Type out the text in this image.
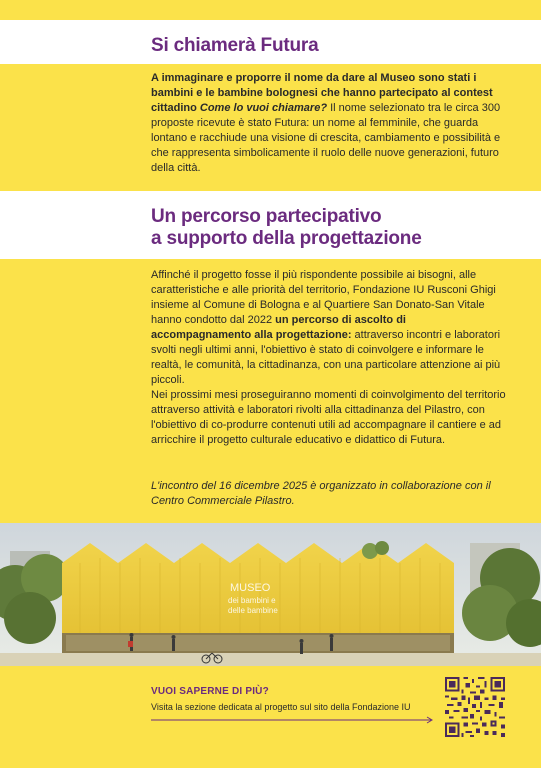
Si chiamerà Futura

A immaginare e proporre il nome da dare al Museo sono stati i bambini e le bambine bolognesi che hanno partecipato al contest cittadino Come lo vuoi chiamare? Il nome selezionato tra le circa 300 proposte ricevute è stato Futura: un nome al femminile, che guarda lontano e racchiude una visione di crescita, cambiamento e possibilità e che rappresenta simbolicamente il ruolo delle nuove generazioni, futuro della città.

Un percorso partecipativo
a supporto della progettazione

Affinché il progetto fosse il più rispondente possibile ai bisogni, alle caratteristiche e alle priorità del territorio, Fondazione IU Rusconi Ghigi insieme al Comune di Bologna e al Quartiere San Donato-San Vitale hanno condotto dal 2022 un percorso di ascolto di accompagnamento alla progettazione: attraverso incontri e laboratori svolti negli ultimi anni, l'obiettivo è stato di coinvolgere e informare le realtà, le comunità, la cittadinanza, con una particolare attenzione ai più piccoli.

Nei prossimi mesi proseguiranno momenti di coinvolgimento del territorio attraverso attività e laboratori rivolti alla cittadinanza del Pilastro, con l'obiettivo di co-produrre contenuti utili ad accompagnare il cantiere e ad arricchire il progetto culturale educativo e didattico di Futura.

L'incontro del 16 dicembre 2025 è organizzato in collaborazione con il Centro Commerciale Pilastro.
MUSEO
dei bambini e
delle bambine
VUOI SAPERNE DI PIÙ?
Visita la sezione dedicata al progetto sul sito della Fondazione IU
